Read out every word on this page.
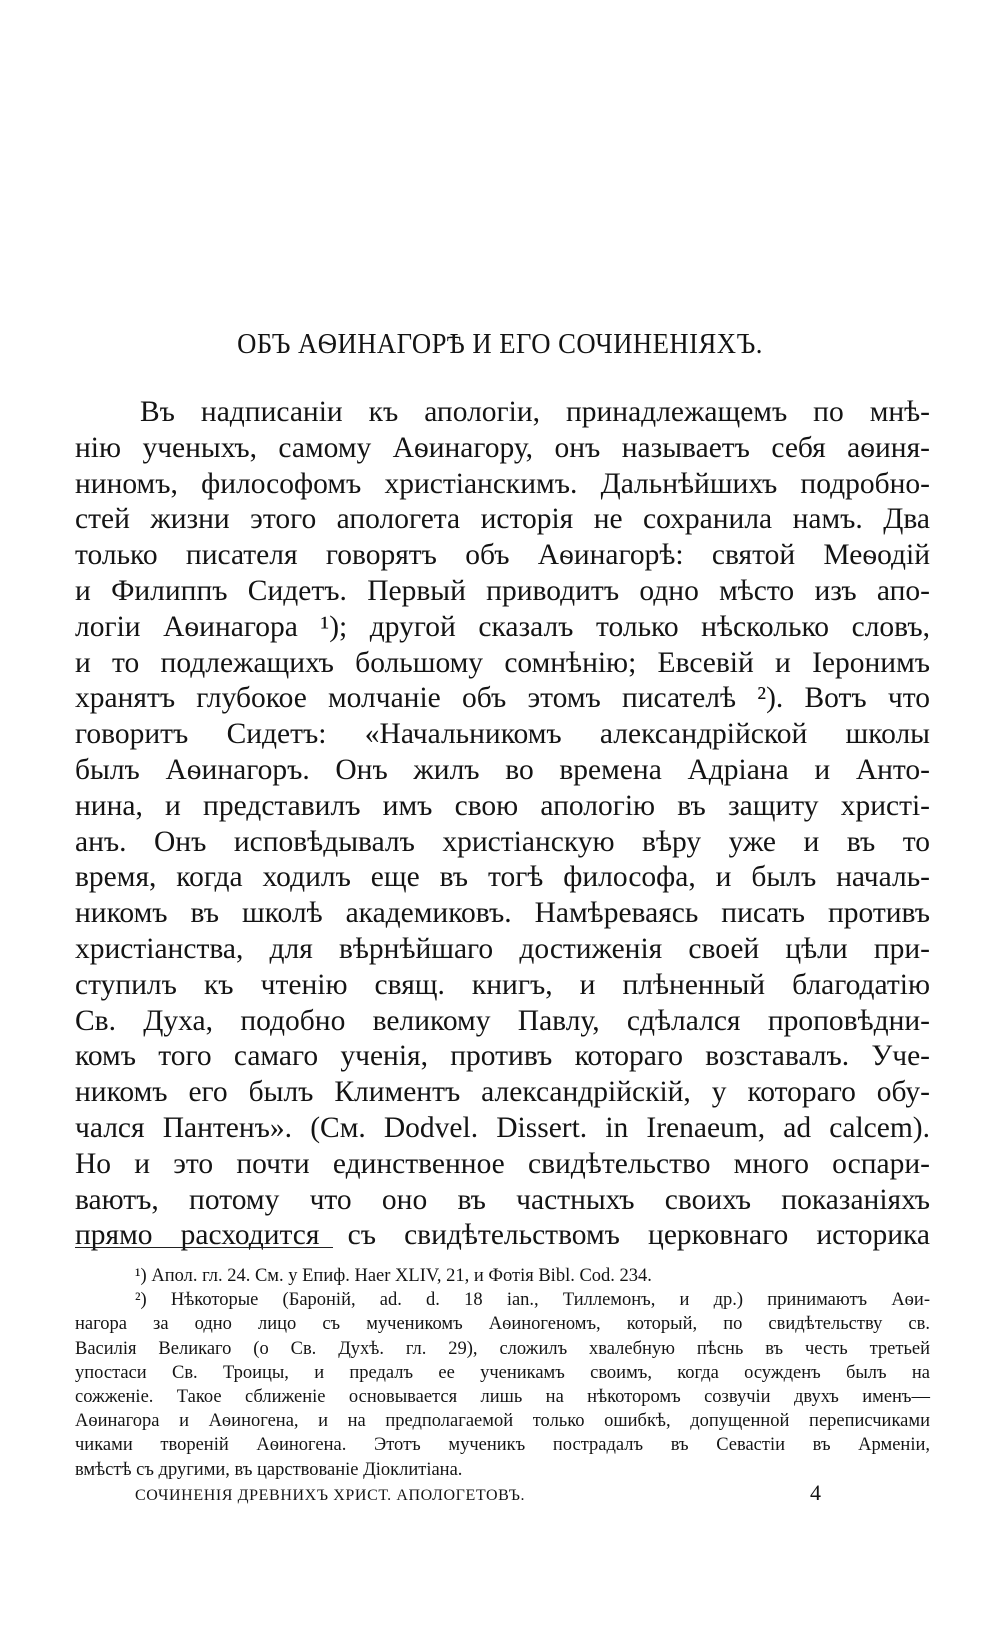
ОБЪ АѲИНАГОРѢ И ЕГО СОЧИНЕНІЯХЪ.
Въ надписаніи къ апологіи, принадлежащемъ по мнѣ-
нію ученыхъ, самому Аѳинагору, онъ называетъ себя аѳиня-
ниномъ, философомъ христіанскимъ. Дальнѣйшихъ подробно-
стей жизни этого апологета исторія не сохранила намъ. Два
только писателя говорятъ объ Аѳинагорѣ: святой Меѳодій
и Филиппъ Сидетъ. Первый приводитъ одно мѣсто изъ апо-
логіи Аѳинагора ¹); другой сказалъ только нѣсколько словъ,
и то подлежащихъ большому сомнѣнію; Евсевій и Іеронимъ
хранятъ глубокое молчаніе объ этомъ писателѣ ²). Вотъ что
говоритъ Сидетъ: «Начальникомъ александрійской школы
былъ Аѳинагоръ. Онъ жилъ во времена Адріана и Анто-
нина, и представилъ имъ свою апологію въ защиту христі-
анъ. Онъ исповѣдывалъ христіанскую вѣру уже и въ то
время, когда ходилъ еще въ тогѣ философа, и былъ началь-
никомъ въ школѣ академиковъ. Намѣреваясь писать противъ
христіанства, для вѣрнѣйшаго достиженія своей цѣли при-
ступилъ къ чтенію свящ. книгъ, и плѣненный благодатію
Св. Духа, подобно великому Павлу, сдѣлался проповѣдни-
комъ того самаго ученія, противъ котораго возставалъ. Уче-
никомъ его былъ Климентъ александрійскій, у котораго обу-
чался Пантенъ». (См. Dodvel. Dissert. in Irenaeum, ad calcem).
Но и это почти единственное свидѣтельство много оспари-
ваютъ, потому что оно въ частныхъ своихъ показаніяхъ
прямо расходится съ свидѣтельствомъ церковнаго историка
¹) Апол. гл. 24. См. у Епиф. Haer XLIV, 21, и Фотія Bibl. Cod. 234.
²) Нѣкоторые (Бароній, ad. d. 18 ian., Тиллемонъ, и др.) принимаютъ Аѳи-
нагора за одно лицо съ мученикомъ Аѳиногеномъ, который, по свидѣтельству св.
Василія Великаго (о Св. Духѣ. гл. 29), сложилъ хвалебную пѣснь въ честь третьей
упостаси Св. Троицы, и предалъ ее ученикамъ своимъ, когда осужденъ былъ на
сожженіе. Такое сближеніе основывается лишь на нѣкоторомъ созвучіи двухъ именъ—
Аѳинагора и Аѳиногена, и на предполагаемой только ошибкѣ, допущенной переписчиками
чиками твореній Аѳиногена. Этотъ мученикъ пострадалъ въ Севастіи въ Арменіи,
вмѣстѣ съ другими, въ царствованіе Діоклитіана.
СОЧИНЕНІЯ ДРЕВНИХЪ ХРИСТ. АПОЛОГЕТОВЪ.	4
